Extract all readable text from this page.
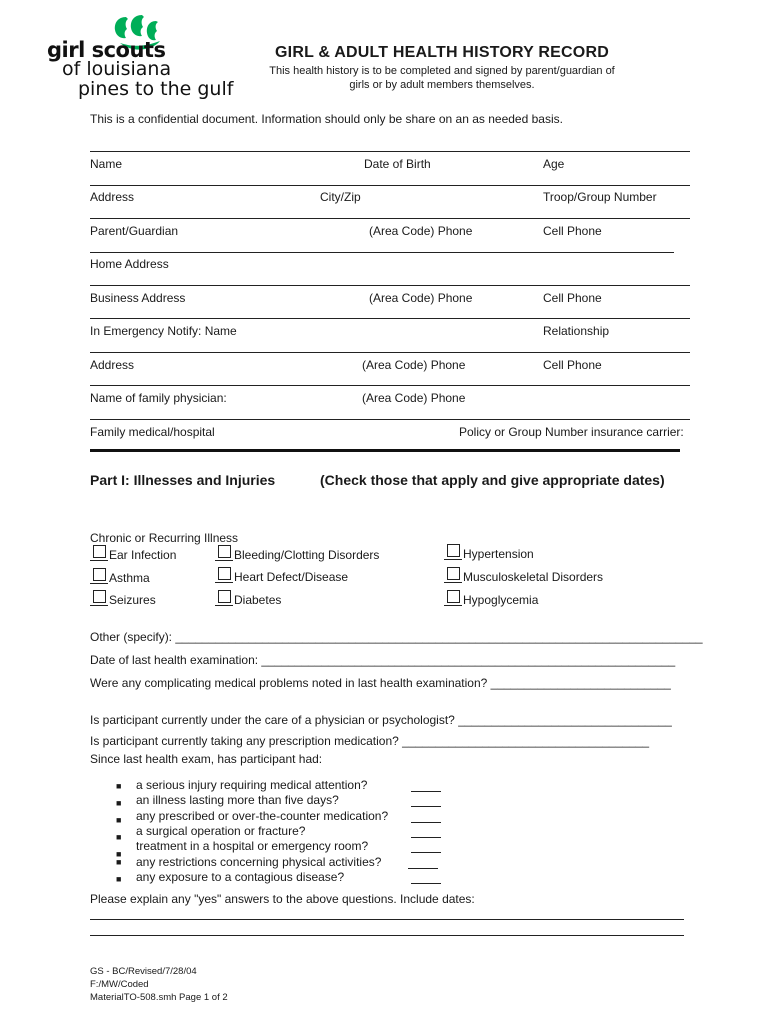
girl scouts
of louisiana
pines to the gulf
GIRL & ADULT HEALTH HISTORY RECORD
This health history is to be completed and signed by parent/guardian of
girls or by adult members themselves.
This is a confidential document. Information should only be share on an as needed basis.
Name	Date of Birth	Age
Address	City/Zip	Troop/Group Number
Parent/Guardian	(Area Code) Phone	Cell Phone
Home Address
Business Address	(Area Code) Phone	Cell Phone
In Emergency Notify: Name	Relationship
Address	(Area Code) Phone	Cell Phone
Name of family physician:	(Area Code) Phone
Family medical/hospital	Policy or Group Number insurance carrier:
Part I: Illnesses and Injuries	(Check those that apply and give appropriate dates)
Chronic or Recurring Illness
Ear Infection	Bleeding/Clotting Disorders	Hypertension
Asthma	Heart Defect/Disease	Musculoskeletal Disorders
Seizures	Diabetes	Hypoglycemia
Other (specify): _______________________________________________________________________________
Date of last health examination: ______________________________________________________________
Were any complicating medical problems noted in last health examination? ___________________________
Is participant currently under the care of a physician or psychologist? ________________________________
Is participant currently taking any prescription medication? _____________________________________
Since last health exam, has participant had:
■ a serious injury requiring medical attention?
■ an illness lasting more than five days?
■ any prescribed or over-the-counter medication?
■ a surgical operation or fracture?
■
treatment in a hospital or emergency room?
■ any restrictions concerning physical activities?
■ any exposure to a contagious disease?
Please explain any "yes" answers to the above questions. Include dates:
GS - BC/Revised/7/28/04
F:/MW/Coded
MaterialTO-508.smh Page 1 of 2
